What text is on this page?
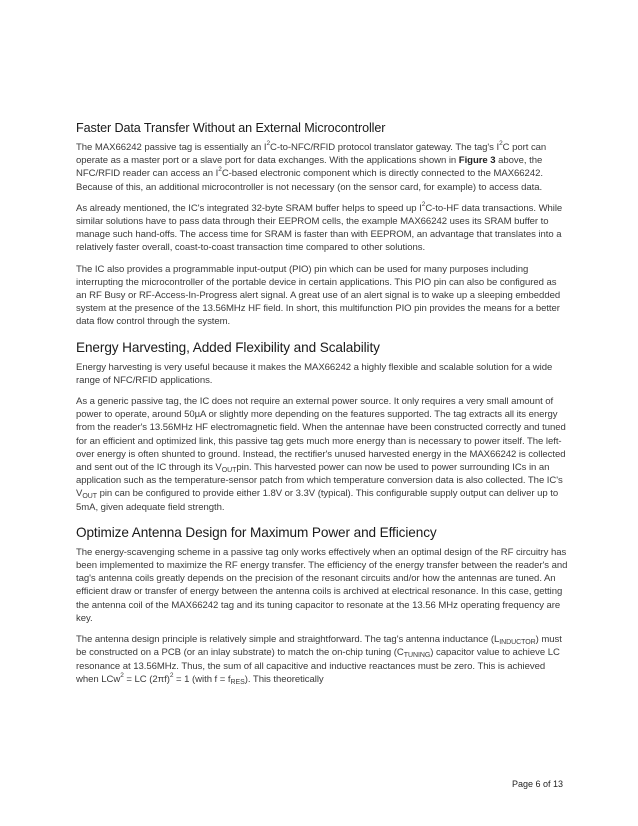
Faster Data Transfer Without an External Microcontroller

The MAX66242 passive tag is essentially an $I^2C-to-NFC$/RFID protocol translator gateway. The tag's $I^2C$ port can operate as a master port or a slave port for data exchanges. With the applications shown in Figure 3 above, the NFC/RFID reader can access an $I^2C$-based electronic component which is directly connected to the MAX66242. Because of this, an additional microcontroller is not necessary (on the sensor card, for example) to access data.

As already mentioned, the IC's integrated 32-byte SRAM buffer helps to speed up $I^2C-to-HF$ data transactions. While similar solutions have to pass data through their EEPROM cells, the example MAX66242 uses its SRAM buffer to manage such hand-offs. The access time for SRAM is faster than with EEPROM, an advantage that translates into a relatively faster overall, coast-to-coast transaction time compared to other solutions.

The IC also provides a programmable input-output (PIO) pin which can be used for many purposes including interrupting the microcontroller of the portable device in certain applications. This PIO pin can also be configured as an RF Busy or RF-Access-In-Progress alert signal. A great use of an alert signal is to wake up a sleeping embedded system at the presence of the 13.56MHz HF field. In short, this multifunction PIO pin provides the means for a better data flow control through the system.

Energy Harvesting, Added Flexibility and Scalability

Energy harvesting is very useful because it makes the MAX66242 a highly flexible and scalable solution for a wide range of NFC/RFID applications.

As a generic passive tag, the IC does not require an external power source. It only requires a very small amount of power to operate, around 50µA or slightly more depending on the features supported. The tag extracts all its energy from the reader's 13.56MHz HF electromagnetic field. When the antennae have been constructed correctly and tuned for an efficient and optimized link, this passive tag gets much more energy than is necessary to power itself. The left-over energy is often shunted to ground. Instead, the rectifier's unused harvested energy in the MAX66242 is collected and sent out of the IC through its $V_{OUT}pin$. This harvested power can now be used to power surrounding ICs in an application such as the temperature-sensor patch from which temperature conversion data is also collected. The IC's $V_{OUT}$ pin can be configured to provide either 1.8V or 3.3V (typical). This configurable supply output can deliver up to 5mA, given adequate field strength.

Optimize Antenna Design for Maximum Power and Efficiency

The energy-scavenging scheme in a passive tag only works effectively when an optimal design of the RF circuitry has been implemented to maximize the RF energy transfer. The efficiency of the energy transfer between the reader's and tag's antenna coils greatly depends on the precision of the resonant circuits and/or how the antennas are tuned. An efficient draw or transfer of energy between the antenna coils is archived at electrical resonance. In this case, getting the antenna coil of the MAX66242 tag and its tuning capacitor to resonate at the 13.56 MHz operating frequency are key.

The antenna design principle is relatively simple and straightforward. The tag's antenna inductance $(L_{INDUCTOR})$ must be constructed on a PCB (or an inlay substrate) to match the on-chip tuning $(C_{TUNING})$ capacitor value to achieve LC resonance at 13.56MHz. Thus, the sum of all capacitive and inductive reactances must be zero. This is achieved when LCw$^2$ = LC $(2\pi f)^2 = 1$ (with $f = f_{RES}$). This theoretically

Page 6 of 13
